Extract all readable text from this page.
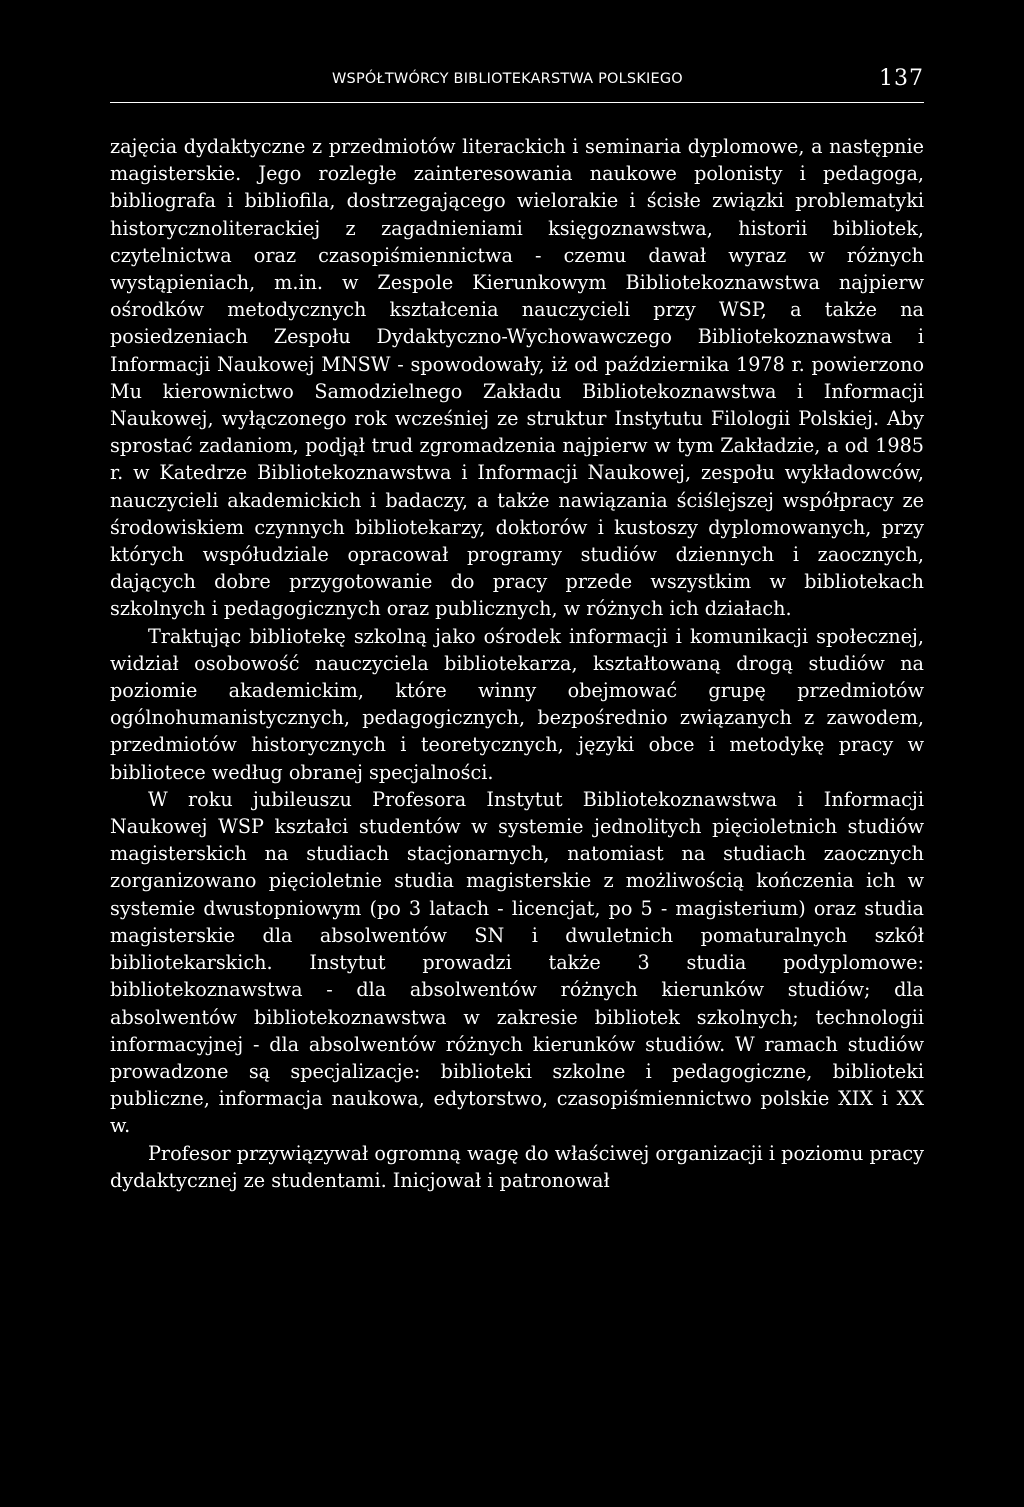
WSPÓŁTWÓRCY BIBLIOTEKARSTWA POLSKIEGO	137

zajęcia dydaktyczne z przedmiotów literackich i seminaria dyplomowe, a następnie magisterskie. Jego rozległe zainteresowania naukowe polonisty i pedagoga, bibliografa i bibliofila, dostrzegającego wielorakie i ścisłe związki problematyki historycznoliterackiej z zagadnieniami księgoznawstwa, historii bibliotek, czytelnictwa oraz czasopiśmiennictwa - czemu dawał wyraz w różnych wystąpieniach, m.in. w Zespole Kierunkowym Bibliotekoznawstwa najpierw ośrodków metodycznych kształcenia nauczycieli przy WSP, a także na posiedzeniach Zespołu Dydaktyczno-Wychowawczego Bibliotekoznawstwa i Informacji Naukowej MNSW - spowodowały, iż od października 1978 r. powierzono Mu kierownictwo Samodzielnego Zakładu Bibliotekoznawstwa i Informacji Naukowej, wyłączonego rok wcześniej ze struktur Instytutu Filologii Polskiej. Aby sprostać zadaniom, podjął trud zgromadzenia najpierw w tym Zakładzie, a od 1985 r. w Katedrze Bibliotekoznawstwa i Informacji Naukowej, zespołu wykładowców, nauczycieli akademickich i badaczy, a także nawiązania ściślejszej współpracy ze środowiskiem czynnych bibliotekarzy, doktorów i kustoszy dyplomowanych, przy których współudziale opracował programy studiów dziennych i zaocznych, dających dobre przygotowanie do pracy przede wszystkim w bibliotekach szkolnych i pedagogicznych oraz publicznych, w różnych ich działach.

Traktując bibliotekę szkolną jako ośrodek informacji i komunikacji społecznej, widział osobowość nauczyciela bibliotekarza, kształtowaną drogą studiów na poziomie akademickim, które winny obejmować grupę przedmiotów ogólnohumanistycznych, pedagogicznych, bezpośrednio związanych z zawodem, przedmiotów historycznych i teoretycznych, języki obce i metodykę pracy w bibliotece według obranej specjalności.

W roku jubileuszu Profesora Instytut Bibliotekoznawstwa i Informacji Naukowej WSP kształci studentów w systemie jednolitych pięcioletnich studiów magisterskich na studiach stacjonarnych, natomiast na studiach zaocznych zorganizowano pięcioletnie studia magisterskie z możliwością kończenia ich w systemie dwustopniowym (po 3 latach - licencjat, po 5 - magisterium) oraz studia magisterskie dla absolwentów SN i dwuletnich pomaturalnych szkół bibliotekarskich. Instytut prowadzi także 3 studia podyplomowe: bibliotekoznawstwa - dla absolwentów różnych kierunków studiów; dla absolwentów bibliotekoznawstwa w zakresie bibliotek szkolnych; technologii informacyjnej - dla absolwentów różnych kierunków studiów. W ramach studiów prowadzone są specjalizacje: biblioteki szkolne i pedagogiczne, biblioteki publiczne, informacja naukowa, edytorstwo, czasopiśmiennictwo polskie XIX i XX w.

Profesor przywiązywał ogromną wagę do właściwej organizacji i poziomu pracy dydaktycznej ze studentami. Inicjował i patronował
